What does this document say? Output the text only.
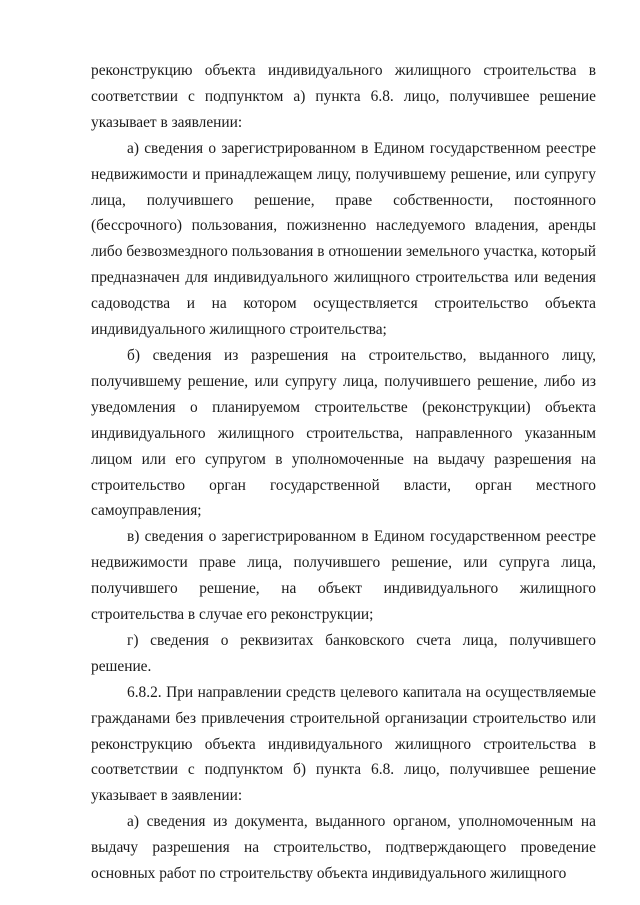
реконструкцию объекта индивидуального жилищного строительства в соответствии с подпунктом а) пункта 6.8. лицо, получившее решение указывает в заявлении:

а) сведения о зарегистрированном в Едином государственном реестре недвижимости и принадлежащем лицу, получившему решение, или супругу лица, получившего решение, праве собственности, постоянного (бессрочного) пользования, пожизненно наследуемого владения, аренды либо безвозмездного пользования в отношении земельного участка, который предназначен для индивидуального жилищного строительства или ведения садоводства и на котором осуществляется строительство объекта индивидуального жилищного строительства;

б) сведения из разрешения на строительство, выданного лицу, получившему решение, или супругу лица, получившего решение, либо из уведомления о планируемом строительстве (реконструкции) объекта индивидуального жилищного строительства, направленного указанным лицом или его супругом в уполномоченные на выдачу разрешения на строительство орган государственной власти, орган местного самоуправления;

в) сведения о зарегистрированном в Едином государственном реестре недвижимости праве лица, получившего решение, или супруга лица, получившего решение, на объект индивидуального жилищного строительства в случае его реконструкции;

г) сведения о реквизитах банковского счета лица, получившего решение.

6.8.2. При направлении средств целевого капитала на осуществляемые гражданами без привлечения строительной организации строительство или реконструкцию объекта индивидуального жилищного строительства в соответствии с подпунктом б) пункта 6.8. лицо, получившее решение указывает в заявлении:

а) сведения из документа, выданного органом, уполномоченным на выдачу разрешения на строительство, подтверждающего проведение основных работ по строительству объекта индивидуального жилищного
